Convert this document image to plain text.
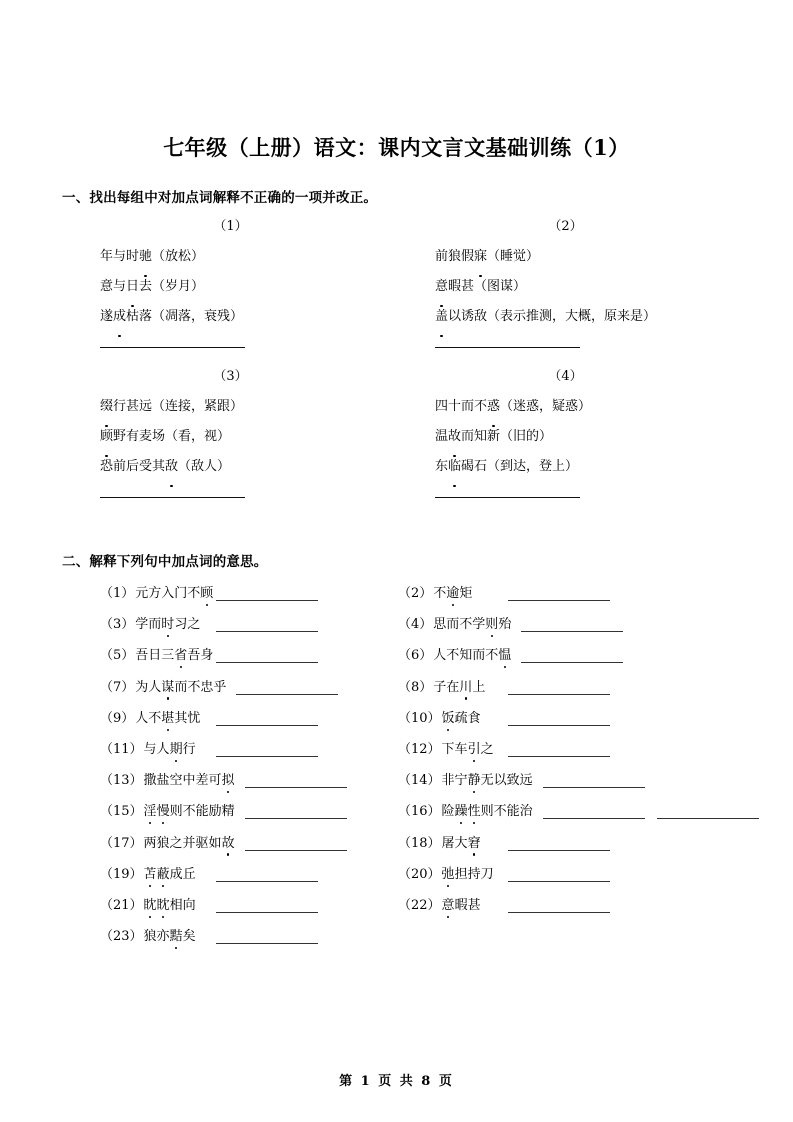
七年级（上册）语文：课内文言文基础训练（1）
一、找出每组中对加点词解释不正确的一项并改正。
（1）
年与时驰（放松）
意与日去（岁月）
遂成枯落（凋落，衰残）
（2）
前狼假寐（睡觉）
意暇甚（图谋）
盖以诱敌（表示推测，大概，原来是）
（3）
缀行甚远（连接，紧跟）
顾野有麦场（看，视）
恐前后受其敌（敌人）
（4）
四十而不惑（迷惑，疑惑）
温故而知新（旧的）
东临碣石（到达，登上）
二、解释下列句中加点词的意思。
（1） 元方入门不顾	（2） 不逾矩
（3） 学而时习之	（4） 思而不学则殆
（5） 吾日三省吾身	（6） 人不知而不愠
（7） 为人谋而不忠乎	（8） 子在川上
（9） 人不堪其忧	（10） 饭疏食
（11） 与人期行	（12） 下车引之
（13） 撒盐空中差可拟	（14） 非宁静无以致远
（15） 淫慢则不能励精	（16） 险躁性则不能治
（17） 两狼之并驱如故	（18） 屠大窘
（19） 苫蔽成丘	（20） 弛担持刀
（21） 眈眈相向	（22） 意暇甚
（23） 狼亦黠矣
第 1 页 共 8 页
